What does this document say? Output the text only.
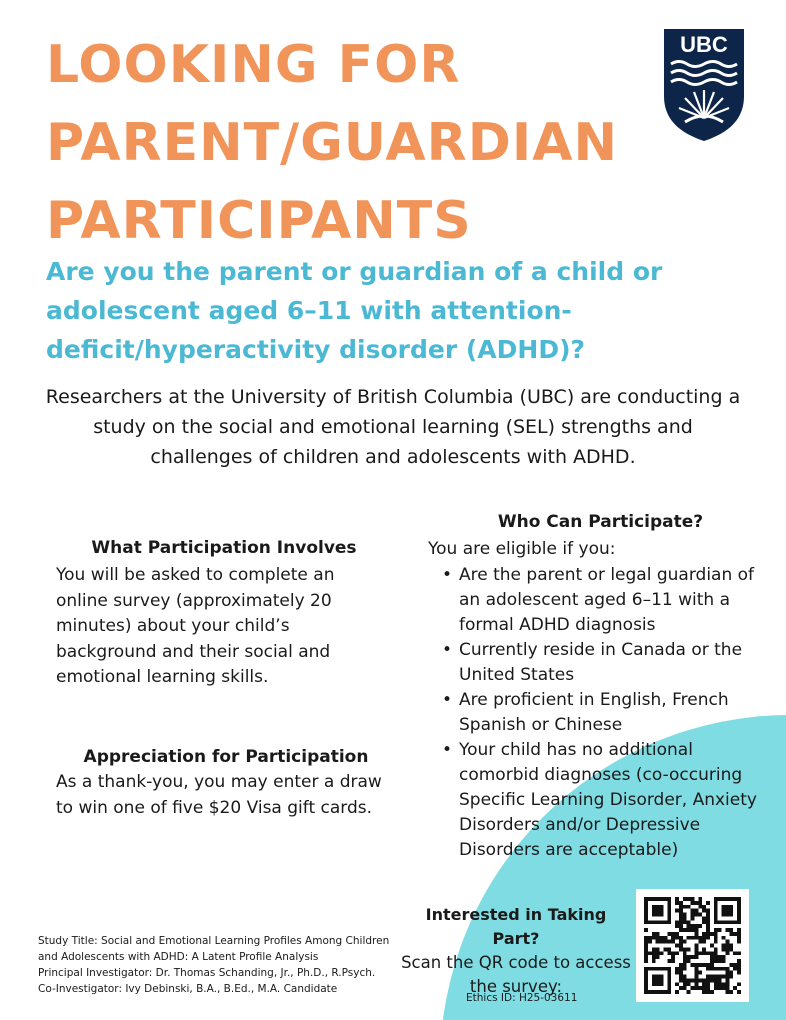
LOOKING FOR
PARENT/GUARDIAN
PARTICIPANTS
UBC
Are you the parent or guardian of a child or adolescent aged 6–11 with attention-deficit/hyperactivity disorder (ADHD)?
Researchers at the University of British Columbia (UBC) are conducting a study on the social and emotional learning (SEL) strengths and challenges of children and adolescents with ADHD.
What Participation Involves
You will be asked to complete an online survey (approximately 20 minutes) about your child’s background and their social and emotional learning skills.
Appreciation for Participation
As a thank-you, you may enter a draw to win one of five $20 Visa gift cards.
Who Can Participate?
You are eligible if you:
• Are the parent or legal guardian of an adolescent aged 6–11 with a formal ADHD diagnosis
• Currently reside in Canada or the United States
• Are proficient in English, French Spanish or Chinese
• Your child has no additional comorbid diagnoses (co-occuring Specific Learning Disorder, Anxiety Disorders and/or Depressive Disorders are acceptable)
Study Title: Social and Emotional Learning Profiles Among Children and Adolescents with ADHD: A Latent Profile Analysis
Principal Investigator: Dr. Thomas Schanding, Jr., Ph.D., R.Psych.
Co-Investigator: Ivy Debinski, B.A., B.Ed., M.A. Candidate
Interested in Taking Part?
Scan the QR code to access the survey:
Ethics ID: H25-03611
